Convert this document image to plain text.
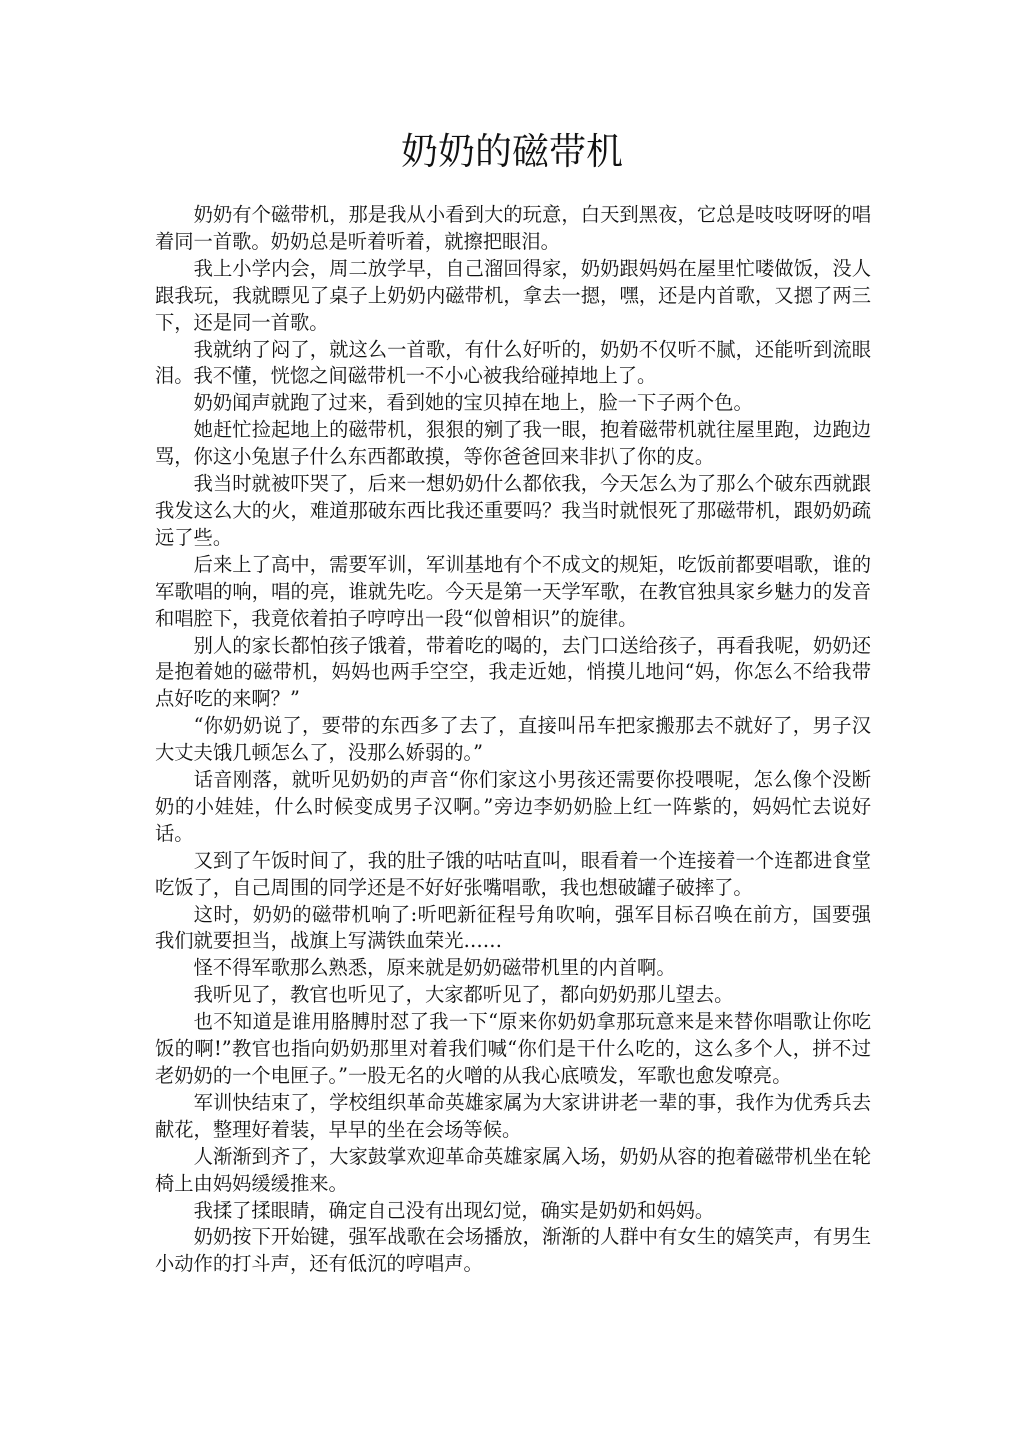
奶奶的磁带机

奶奶有个磁带机，那是我从小看到大的玩意，白天到黑夜，它总是吱吱呀呀的唱着同一首歌。奶奶总是听着听着，就擦把眼泪。

我上小学内会，周二放学早，自己溜回得家，奶奶跟妈妈在屋里忙喽做饭，没人跟我玩，我就瞟见了桌子上奶奶内磁带机，拿去一摁，嘿，还是内首歌，又摁了两三下，还是同一首歌。

我就纳了闷了，就这么一首歌，有什么好听的，奶奶不仅听不腻，还能听到流眼泪。我不懂，恍惚之间磁带机一不小心被我给碰掉地上了。

奶奶闻声就跑了过来，看到她的宝贝掉在地上，脸一下子两个色。

她赶忙捡起地上的磁带机，狠狠的剜了我一眼，抱着磁带机就往屋里跑，边跑边骂，你这小兔崽子什么东西都敢摸，等你爸爸回来非扒了你的皮。

我当时就被吓哭了，后来一想奶奶什么都依我，今天怎么为了那么个破东西就跟我发这么大的火，难道那破东西比我还重要吗？我当时就恨死了那磁带机，跟奶奶疏远了些。

后来上了高中，需要军训，军训基地有个不成文的规矩，吃饭前都要唱歌，谁的军歌唱的响，唱的亮，谁就先吃。今天是第一天学军歌，在教官独具家乡魅力的发音和唱腔下，我竟依着拍子哼哼出一段“似曾相识”的旋律。

别人的家长都怕孩子饿着，带着吃的喝的，去门口送给孩子，再看我呢，奶奶还是抱着她的磁带机，妈妈也两手空空，我走近她，悄摸儿地问“妈，你怎么不给我带点好吃的来啊？”

“你奶奶说了，要带的东西多了去了，直接叫吊车把家搬那去不就好了，男子汉大丈夫饿几顿怎么了，没那么娇弱的。”

话音刚落，就听见奶奶的声音“你们家这小男孩还需要你投喂呢，怎么像个没断奶的小娃娃，什么时候变成男子汉啊。”旁边李奶奶脸上红一阵紫的，妈妈忙去说好话。

又到了午饭时间了，我的肚子饿的咕咕直叫，眼看着一个连接着一个连都进食堂吃饭了，自己周围的同学还是不好好张嘴唱歌，我也想破罐子破摔了。

这时，奶奶的磁带机响了:听吧新征程号角吹响，强军目标召唤在前方，国要强我们就要担当，战旗上写满铁血荣光……

怪不得军歌那么熟悉，原来就是奶奶磁带机里的内首啊。

我听见了，教官也听见了，大家都听见了，都向奶奶那儿望去。

也不知道是谁用胳膊肘怼了我一下“原来你奶奶拿那玩意来是来替你唱歌让你吃饭的啊!”教官也指向奶奶那里对着我们喊“你们是干什么吃的，这么多个人，拼不过老奶奶的一个电匣子。”一股无名的火噌的从我心底喷发，军歌也愈发嘹亮。

军训快结束了，学校组织革命英雄家属为大家讲讲老一辈的事，我作为优秀兵去献花，整理好着装，早早的坐在会场等候。

人渐渐到齐了，大家鼓掌欢迎革命英雄家属入场，奶奶从容的抱着磁带机坐在轮椅上由妈妈缓缓推来。

我揉了揉眼睛，确定自己没有出现幻觉，确实是奶奶和妈妈。

奶奶按下开始键，强军战歌在会场播放，渐渐的人群中有女生的嬉笑声，有男生小动作的打斗声，还有低沉的哼唱声。
